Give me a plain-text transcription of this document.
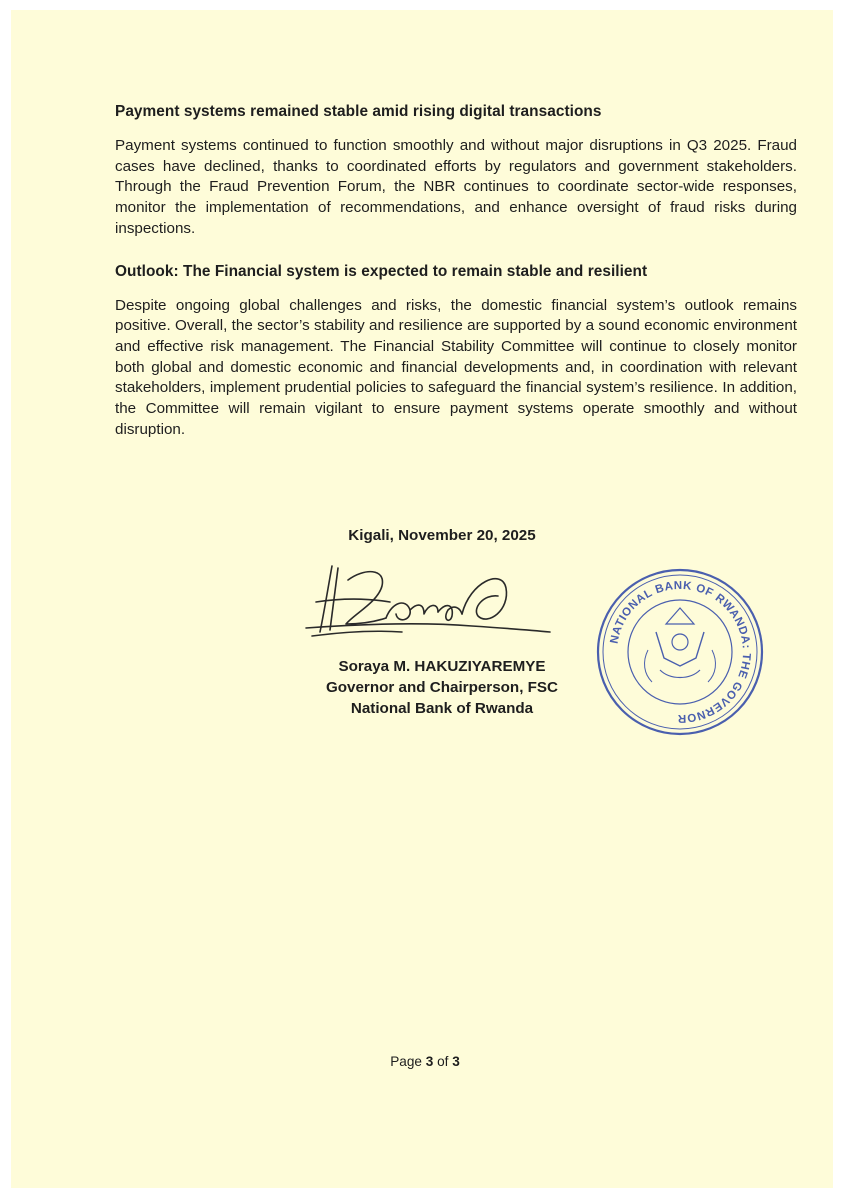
Payment systems remained stable amid rising digital transactions

Payment systems continued to function smoothly and without major disruptions in Q3 2025. Fraud cases have declined, thanks to coordinated efforts by regulators and government stakeholders. Through the Fraud Prevention Forum, the NBR continues to coordinate sector-wide responses, monitor the implementation of recommendations, and enhance oversight of fraud risks during inspections.

Outlook: The Financial system is expected to remain stable and resilient

Despite ongoing global challenges and risks, the domestic financial system’s outlook remains positive. Overall, the sector’s stability and resilience are supported by a sound economic environment and effective risk management. The Financial Stability Committee will continue to closely monitor both global and domestic economic and financial developments and, in coordination with relevant stakeholders, implement prudential policies to safeguard the financial system’s resilience. In addition, the Committee will remain vigilant to ensure payment systems operate smoothly and without disruption.

Kigali, November 20, 2025
NATIONAL BANK OF RWANDA: THE GOVERNOR
Soraya M. HAKUZIYAREMYE
Governor and Chairperson, FSC
National Bank of Rwanda
Page 3 of 3
